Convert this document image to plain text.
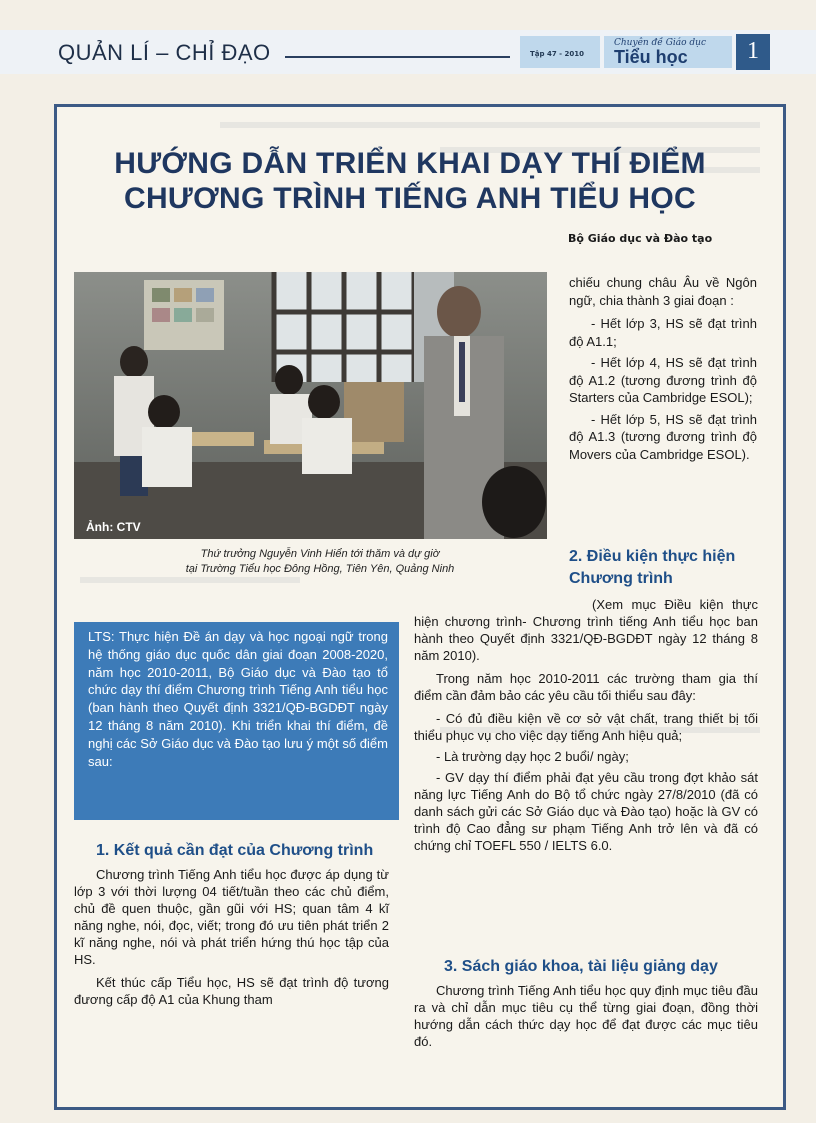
QUẢN LÍ – CHỈ ĐẠO	Tập 47 - 2010
Chuyên đề Giáo dục
Tiểu học	1
HƯỚNG DẪN TRIỂN KHAI DẠY THÍ ĐIỂM
CHƯƠNG TRÌNH TIẾNG ANH TIỂU HỌC
Bộ Giáo dục và Đào tạo
Ảnh: CTV
Thứ trưởng Nguyễn Vinh Hiển tới thăm và dự giờ
tại Trường Tiểu học Đông Hồng, Tiên Yên, Quảng Ninh
LTS: Thực hiện Đề án dạy và học ngoại ngữ trong hệ thống giáo dục quốc dân giai đoạn 2008-2020, năm học 2010-2011, Bộ Giáo dục và Đào tạo tổ chức dạy thí điểm Chương trình Tiếng Anh tiểu học (ban hành theo Quyết định 3321/QĐ-BGDĐT ngày 12 tháng 8 năm 2010). Khi triển khai thí điểm, đề nghị các Sở Giáo dục và Đào tạo lưu ý một số điểm sau:
1. Kết quả cần đạt của Chương trình

Chương trình Tiếng Anh tiểu học được áp dụng từ lớp 3 với thời lượng 04 tiết/tuần theo các chủ điểm, chủ đề quen thuộc, gần gũi với HS; quan tâm 4 kĩ năng nghe, nói, đọc, viết; trong đó ưu tiên phát triển 2 kĩ năng nghe, nói và phát triển hứng thú học tập của HS.

Kết thúc cấp Tiểu học, HS sẽ đạt trình độ tương đương cấp độ A1 của Khung tham

chiếu chung châu Âu về Ngôn ngữ, chia thành 3 giai đoạn :

- Hết lớp 3, HS sẽ đạt trình độ A1.1;

- Hết lớp 4, HS sẽ đạt trình độ A1.2 (tương đương trình độ Starters của Cambridge ESOL);

- Hết lớp 5, HS sẽ đạt trình độ A1.3 (tương đương trình độ Movers của Cambridge ESOL).

2. Điều kiện thực hiện
Chương trình

(Xem mục Điều kiện thực hiện chương trình- Chương trình tiếng Anh tiểu học ban hành theo Quyết định 3321/QĐ-BGDĐT ngày 12 tháng 8 năm 2010).

Trong năm học 2010-2011 các trường tham gia thí điểm cần đảm bảo các yêu cầu tối thiểu sau đây:

- Có đủ điều kiện về cơ sở vật chất, trang thiết bị tối thiểu phục vụ cho việc dạy tiếng Anh hiệu quả;

- Là trường dạy học 2 buổi/ ngày;

- GV dạy thí điểm phải đạt yêu cầu trong đợt khảo sát năng lực Tiếng Anh do Bộ tổ chức ngày 27/8/2010 (đã có danh sách gửi các Sở Giáo dục và Đào tạo) hoặc là GV có trình độ Cao đẳng sư phạm Tiếng Anh trở lên và đã có chứng chỉ TOEFL 550 / IELTS 6.0.

3. Sách giáo khoa, tài liệu giảng dạy

Chương trình Tiếng Anh tiểu học quy định mục tiêu đầu ra và chỉ dẫn mục tiêu cụ thể từng giai đoạn, đồng thời hướng dẫn cách thức dạy học để đạt được các mục tiêu đó.
